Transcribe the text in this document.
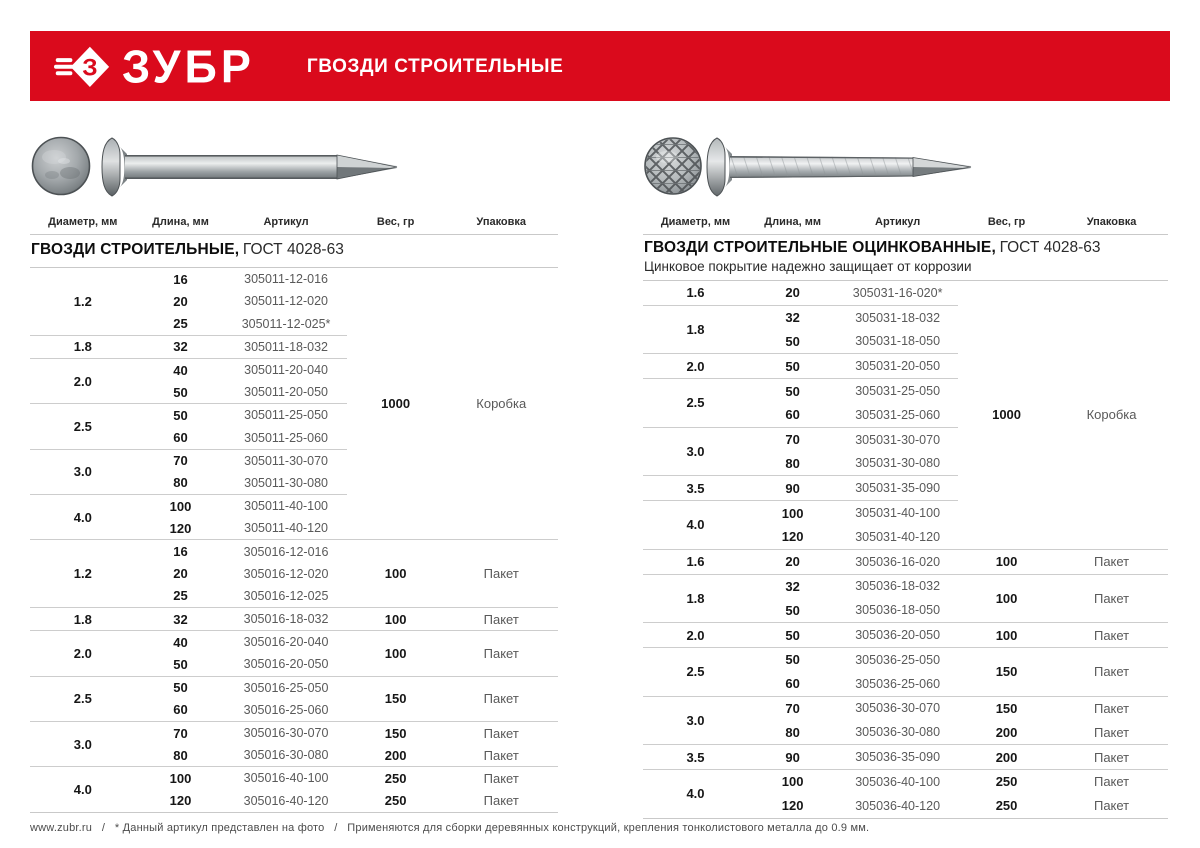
З ЗУБР	ГВОЗДИ СТРОИТЕЛЬНЫЕ
Диаметр, мм	Длина, мм	Артикул	Вес, гр	Упаковка
ГВОЗДИ СТРОИТЕЛЬНЫЕ, ГОСТ 4028-63				
1.2	16	305011-12-016	1000	Коробка
	20	305011-12-020		
	25	305011-12-025*		
1.8	32	305011-18-032		
2.0	40	305011-20-040		
	50	305011-20-050		
2.5	50	305011-25-050		
	60	305011-25-060		
3.0	70	305011-30-070		
	80	305011-30-080		
4.0	100	305011-40-100		
	120	305011-40-120		
1.2	16	305016-12-016	100	Пакет
	20	305016-12-020		
	25	305016-12-025		
1.8	32	305016-18-032	100	Пакет
2.0	40	305016-20-040	100	Пакет
	50	305016-20-050		
2.5	50	305016-25-050	150	Пакет
	60	305016-25-060		
3.0	70	305016-30-070	150	Пакет
	80	305016-30-080	200	Пакет
4.0	100	305016-40-100	250	Пакет
	120	305016-40-120	250	Пакет
Диаметр, мм	Длина, мм	Артикул	Вес, гр	Упаковка
ГВОЗДИ СТРОИТЕЛЬНЫЕ ОЦИНКОВАННЫЕ, ГОСТ 4028-63
Цинковое покрытие надежно защищает от коррозии				

1.6	20	305031-16-020*	1000	Коробка
1.8	32	305031-18-032		
	50	305031-18-050		
2.0	50	305031-20-050		
2.5	50	305031-25-050		
	60	305031-25-060		
3.0	70	305031-30-070		
	80	305031-30-080		
3.5	90	305031-35-090		
4.0	100	305031-40-100		
	120	305031-40-120		
1.6	20	305036-16-020	100	Пакет
1.8	32	305036-18-032	100	Пакет
	50	305036-18-050		
2.0	50	305036-20-050	100	Пакет
2.5	50	305036-25-050	150	Пакет
	60	305036-25-060		
3.0	70	305036-30-070	150	Пакет
	80	305036-30-080	200	Пакет
3.5	90	305036-35-090	200	Пакет
4.0	100	305036-40-100	250	Пакет
	120	305036-40-120	250	Пакет
www.zubr.ru   /   * Данный артикул представлен на фото   /   Применяются для сборки деревянных конструкций, крепления тонколистового металла до 0.9 мм.
